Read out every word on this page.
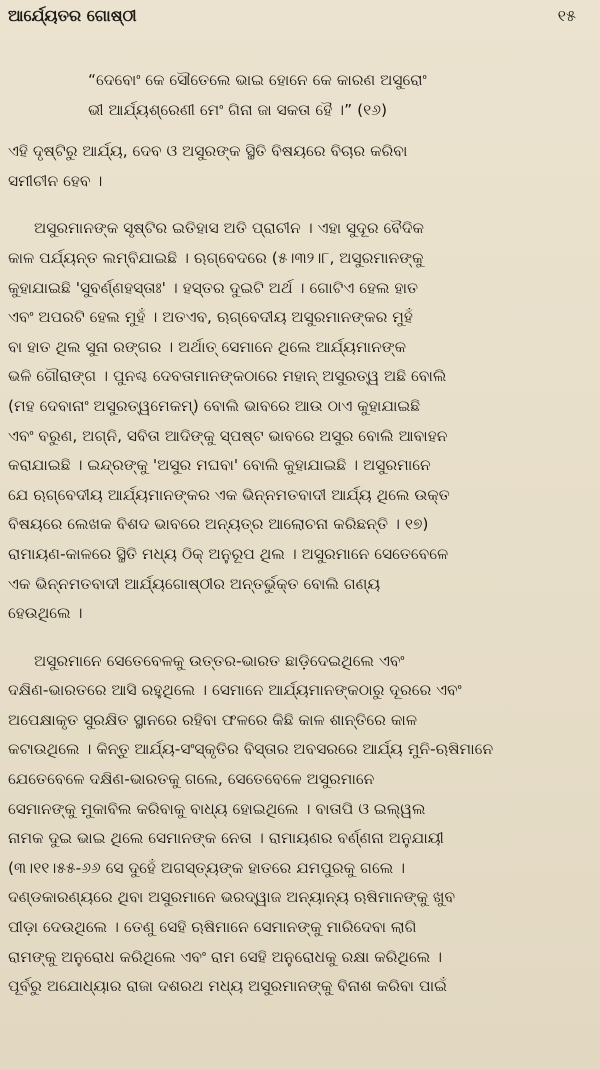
ଆର୍ଯ୍ୟେତର ଗୋଷ୍ଠୀ	୧୫
“ଦେବୋଂ କେ ସୌତେଲେ ଭାଇ ହୋନେ କେ କାରଣ ଅସୁରୋଂ
ଭୀ ଆର୍ଯ୍ୟଶ୍ରେଣୀ ମେଂ ଗିନା ଜା ସକତା ହୈ ।” (୧୬)
ଏହି ଦୃଷ୍ଟିରୁ ଆର୍ଯ୍ୟ, ଦେବ ଓ ଅସୁରଙ୍କ ସ୍ଥିତି ବିଷୟରେ ବିଚାର କରିବା
ସମୀଚୀନ ହେବ ।
ଅସୁରମାନଙ୍କ ସୃଷ୍ଟିର ଇତିହାସ ଅତି ପ୍ରାଚୀନ । ଏହା ସୁଦୂର ବୈଦିକ
କାଳ ପର୍ଯ୍ୟନ୍ତ ଲମ୍ବିଯାଇଛି । ଋଗ୍‌ବେଦରେ (୫।୩୨।୮, ଅସୁରମାନଙ୍କୁ
କୁହାଯାଇଛି 'ସୁବର୍ଣ୍ଣହସ୍ତାଃ' । ହସ୍ତର ଦୁଇଟି ଅର୍ଥ । ଗୋଟିଏ ହେଲ ହାତ
ଏବଂ ଅପରଟି ହେଲ ମୁହଁ । ଅତଏବ, ଋଗ୍‌ବେଦୀୟ ଅସୁରମାନଙ୍କର ମୁହଁ
ବା ହାତ ଥିଲ ସୁନା ରଙ୍ଗର । ଅର୍ଥାତ୍ ସେମାନେ ଥିଲେ ଆର୍ଯ୍ୟମାନଙ୍କ
ଭଳି ଗୌରାଙ୍ଗ । ପୁନଶ୍ଚ ଦେବତାମାନଙ୍କଠାରେ ମହାନ୍ ଅସୁରତ୍ୱ ଅଛି ବୋଲି
(ମହ ଦେବାନାଂ ଅସୁରତ୍ୱମେକମ୍) ବୋଲି ଭାବରେ ଆଉ ଠାଏ କୁହାଯାଇଛି
ଏବଂ ବରୁଣ, ଅଗ୍ନି, ସବିତା ଆଦିଙ୍କୁ ସ୍ପଷ୍ଟ ଭାବରେ ଅସୁର ବୋଲି ଆବାହନ
କରାଯାଇଛି । ଇନ୍ଦ୍ରଙ୍କୁ 'ଅସୁର ମଘବା' ବୋଲି କୁହାଯାଇଛି । ଅସୁରମାନେ
ଯେ ଋଗ୍‌ବେଦୀୟ ଆର୍ଯ୍ୟମାନଙ୍କର ଏକ ଭିନ୍ନମତବାଦୀ ଆର୍ଯ୍ୟ ଥିଲେ ଉକ୍ତ
ବିଷୟରେ ଲେଖକ ବିଶଦ ଭାବରେ ଅନ୍ୟତ୍ର ଆଲୋଚନା କରିଛନ୍ତି । ୧୭)
ରାମାୟଣ-କାଳରେ ସ୍ଥିତି ମଧ୍ୟ ଠିକ୍ ଅନୁରୂପ ଥିଲ । ଅସୁରମାନେ ସେତେବେଳେ
ଏକ ଭିନ୍ନମତବାଦୀ ଆର୍ଯ୍ୟଗୋଷ୍ଠୀର ଅନ୍ତର୍ଭୁକ୍ତ ବୋଲି ଗଣ୍ୟ
ହେଉଥିଲେ ।
ଅସୁରମାନେ ସେତେବେଳକୁ ଉତ୍ତର-ଭାରତ ଛାଡ଼ିଦେଇଥିଲେ ଏବଂ
ଦକ୍ଷିଣ-ଭାରତରେ ଆସି ରହୁଥିଲେ । ସେମାନେ ଆର୍ଯ୍ୟମାନଙ୍କଠାରୁ ଦୂରରେ ଏବଂ
ଅପେକ୍ଷାକୃତ ସୁରକ୍ଷିତ ସ୍ଥାନରେ ରହିବା ଫଳରେ କିଛି କାଳ ଶାନ୍ତିରେ କାଳ
କଟାଉଥିଲେ । କିନ୍ତୁ ଆର୍ଯ୍ୟ-ସଂସ୍କୃତିର ବିସ୍ତାର ଅବସରରେ ଆର୍ଯ୍ୟ ମୁନି-ଋଷିମାନେ
ଯେତେବେଳେ ଦକ୍ଷିଣ-ଭାରତକୁ ଗଲେ, ସେତେବେଳେ ଅସୁରମାନେ
ସେମାନଙ୍କୁ ମୁକାବିଲ କରିବାକୁ ବାଧ୍ୟ ହୋଇଥିଲେ । ବାତାପି ଓ ଇଲ୍ୱଲ
ନାମକ ଦୁଇ ଭାଇ ଥିଲେ ସେମାନଙ୍କ ନେତା । ରାମାୟଣର ବର୍ଣ୍ଣନା ଅନୁଯାୟୀ
(୩।୧୧।୫୫-୬୬ ସେ ଦୁହେଁ ଅଗସ୍ତ୍ୟଙ୍କ ହାତରେ ଯମପୁରକୁ ଗଲେ ।
ଦଣ୍ଡକାରଣ୍ୟରେ ଥିବା ଅସୁରମାନେ ଭରଦ୍ୱାଜ ଅନ୍ୟାନ୍ୟ ଋଷିମାନଙ୍କୁ ଖୁବ
ପୀଡ଼ା ଦେଉଥିଲେ । ତେଣୁ ସେହି ଋଷିମାନେ ସେମାନଙ୍କୁ ମାରିଦେବା ଲାଗି
ରାମଙ୍କୁ ଅନୁରୋଧ କରିଥିଲେ ଏବଂ ରାମ ସେହି ଅନୁରୋଧକୁ ରକ୍ଷା କରିଥିଲେ ।
ପୂର୍ବରୁ ଅଯୋଧ୍ୟାର ରାଜା ଦଶରଥ ମଧ୍ୟ ଅସୁରମାନଙ୍କୁ ବିନାଶ କରିବା ପାଇଁ
